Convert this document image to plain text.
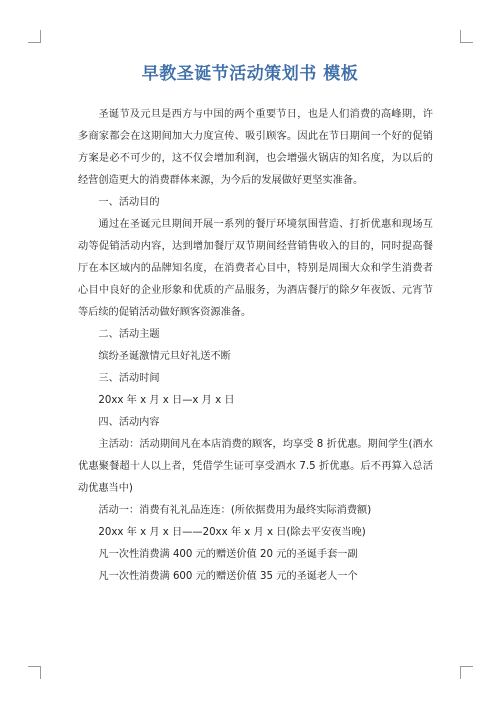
早教圣诞节活动策划书 模板

圣诞节及元旦是西方与中国的两个重要节日，也是人们消费的高峰期，许多商家都会在这期间加大力度宣传、吸引顾客。因此在节日期间一个好的促销方案是必不可少的，这不仅会增加利润，也会增强火锅店的知名度，为以后的经营创造更大的消费群体来源，为今后的发展做好更坚实准备。

一、活动目的

通过在圣诞元旦期间开展一系列的餐厅环境氛围营造、打折优惠和现场互动等促销活动内容，达到增加餐厅双节期间经营销售收入的目的，同时提高餐厅在本区域内的品牌知名度，在消费者心目中，特别是周围大众和学生消费者心目中良好的企业形象和优质的产品服务，为酒店餐厅的除夕年夜饭、元宵节等后续的促销活动做好顾客资源准备。

二、活动主题

缤纷圣诞激情元旦好礼送不断

三、活动时间

20xx 年 x 月 x 日—x 月 x 日

四、活动内容

主活动：活动期间凡在本店消费的顾客，均享受 8 折优惠。期间学生(酒水优惠聚餐超十人以上者，凭借学生证可享受酒水 7.5 折优惠。后不再算入总活动优惠当中)

活动一：消费有礼礼品连连：(所依据费用为最终实际消费额)

20xx 年 x 月 x 日——20xx 年 x 月 x 日(除去平安夜当晚)

凡一次性消费满 400 元的赠送价值 20 元的圣诞手套一副

凡一次性消费满 600 元的赠送价值 35 元的圣诞老人一个
